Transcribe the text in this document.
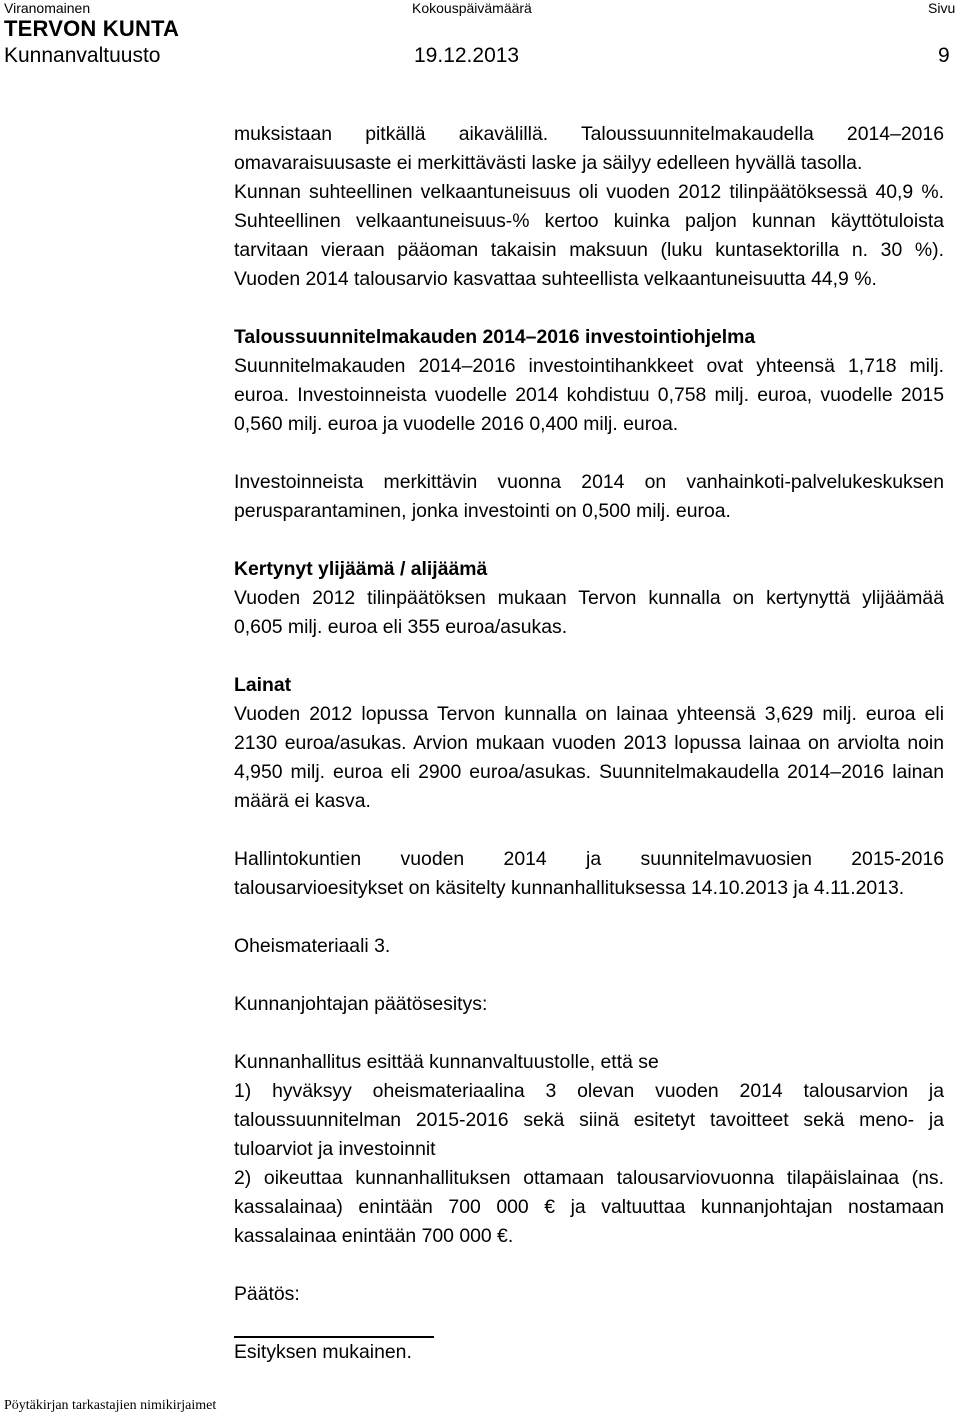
Viranomainen	Kokouspäivämäärä	Sivu
TERVON KUNTA
Kunnanvaltuusto	19.12.2013	9

muksistaan pitkällä aikavälillä. Taloussuunnitelmakaudella 2014–2016 omavaraisuusaste ei merkittävästi laske ja säilyy edelleen hyvällä tasolla.

Kunnan suhteellinen velkaantuneisuus oli vuoden 2012 tilinpäätöksessä 40,9 %. Suhteellinen velkaantuneisuus-% kertoo kuinka paljon kunnan käyttötuloista tarvitaan vieraan pääoman takaisin maksuun (luku kuntasektorilla n. 30 %). Vuoden 2014 talousarvio kasvattaa suhteellista velkaantuneisuutta 44,9 %.

Taloussuunnitelmakauden 2014–2016 investointiohjelma

Suunnitelmakauden 2014–2016 investointihankkeet ovat yhteensä 1,718 milj. euroa. Investoinneista vuodelle 2014 kohdistuu 0,758 milj. euroa, vuodelle 2015 0,560 milj. euroa ja vuodelle 2016 0,400 milj. euroa.

Investoinneista merkittävin vuonna 2014 on vanhainkoti-palvelukeskuksen perusparantaminen, jonka investointi on 0,500 milj. euroa.

Kertynyt ylijäämä / alijäämä

Vuoden 2012 tilinpäätöksen mukaan Tervon kunnalla on kertynyttä ylijäämää 0,605 milj. euroa eli 355 euroa/asukas.

Lainat

Vuoden 2012 lopussa Tervon kunnalla on lainaa yhteensä 3,629 milj. euroa eli 2130 euroa/asukas. Arvion mukaan vuoden 2013 lopussa lainaa on arviolta noin 4,950 milj. euroa eli 2900 euroa/asukas. Suunnitelmakaudella 2014–2016 lainan määrä ei kasva.

Hallintokuntien vuoden 2014 ja suunnitelmavuosien 2015-2016 talousarvioesitykset on käsitelty kunnanhallituksessa 14.10.2013 ja 4.11.2013.

Oheismateriaali 3.

Kunnanjohtajan päätösesitys:

Kunnanhallitus esittää kunnanvaltuustolle, että se

1) hyväksyy oheismateriaalina 3 olevan vuoden 2014 talousarvion ja taloussuunnitelman 2015-2016 sekä siinä esitetyt tavoitteet sekä meno- ja tuloarviot ja investoinnit

2) oikeuttaa kunnanhallituksen ottamaan talousarviovuonna tilapäislainaa (ns. kassalainaa) enintään 700 000 € ja valtuuttaa kunnanjohtajan nostamaan kassalainaa enintään 700 000 €.

Päätös:

Esityksen mukainen.

Pöytäkirjan tarkastajien nimikirjaimet
